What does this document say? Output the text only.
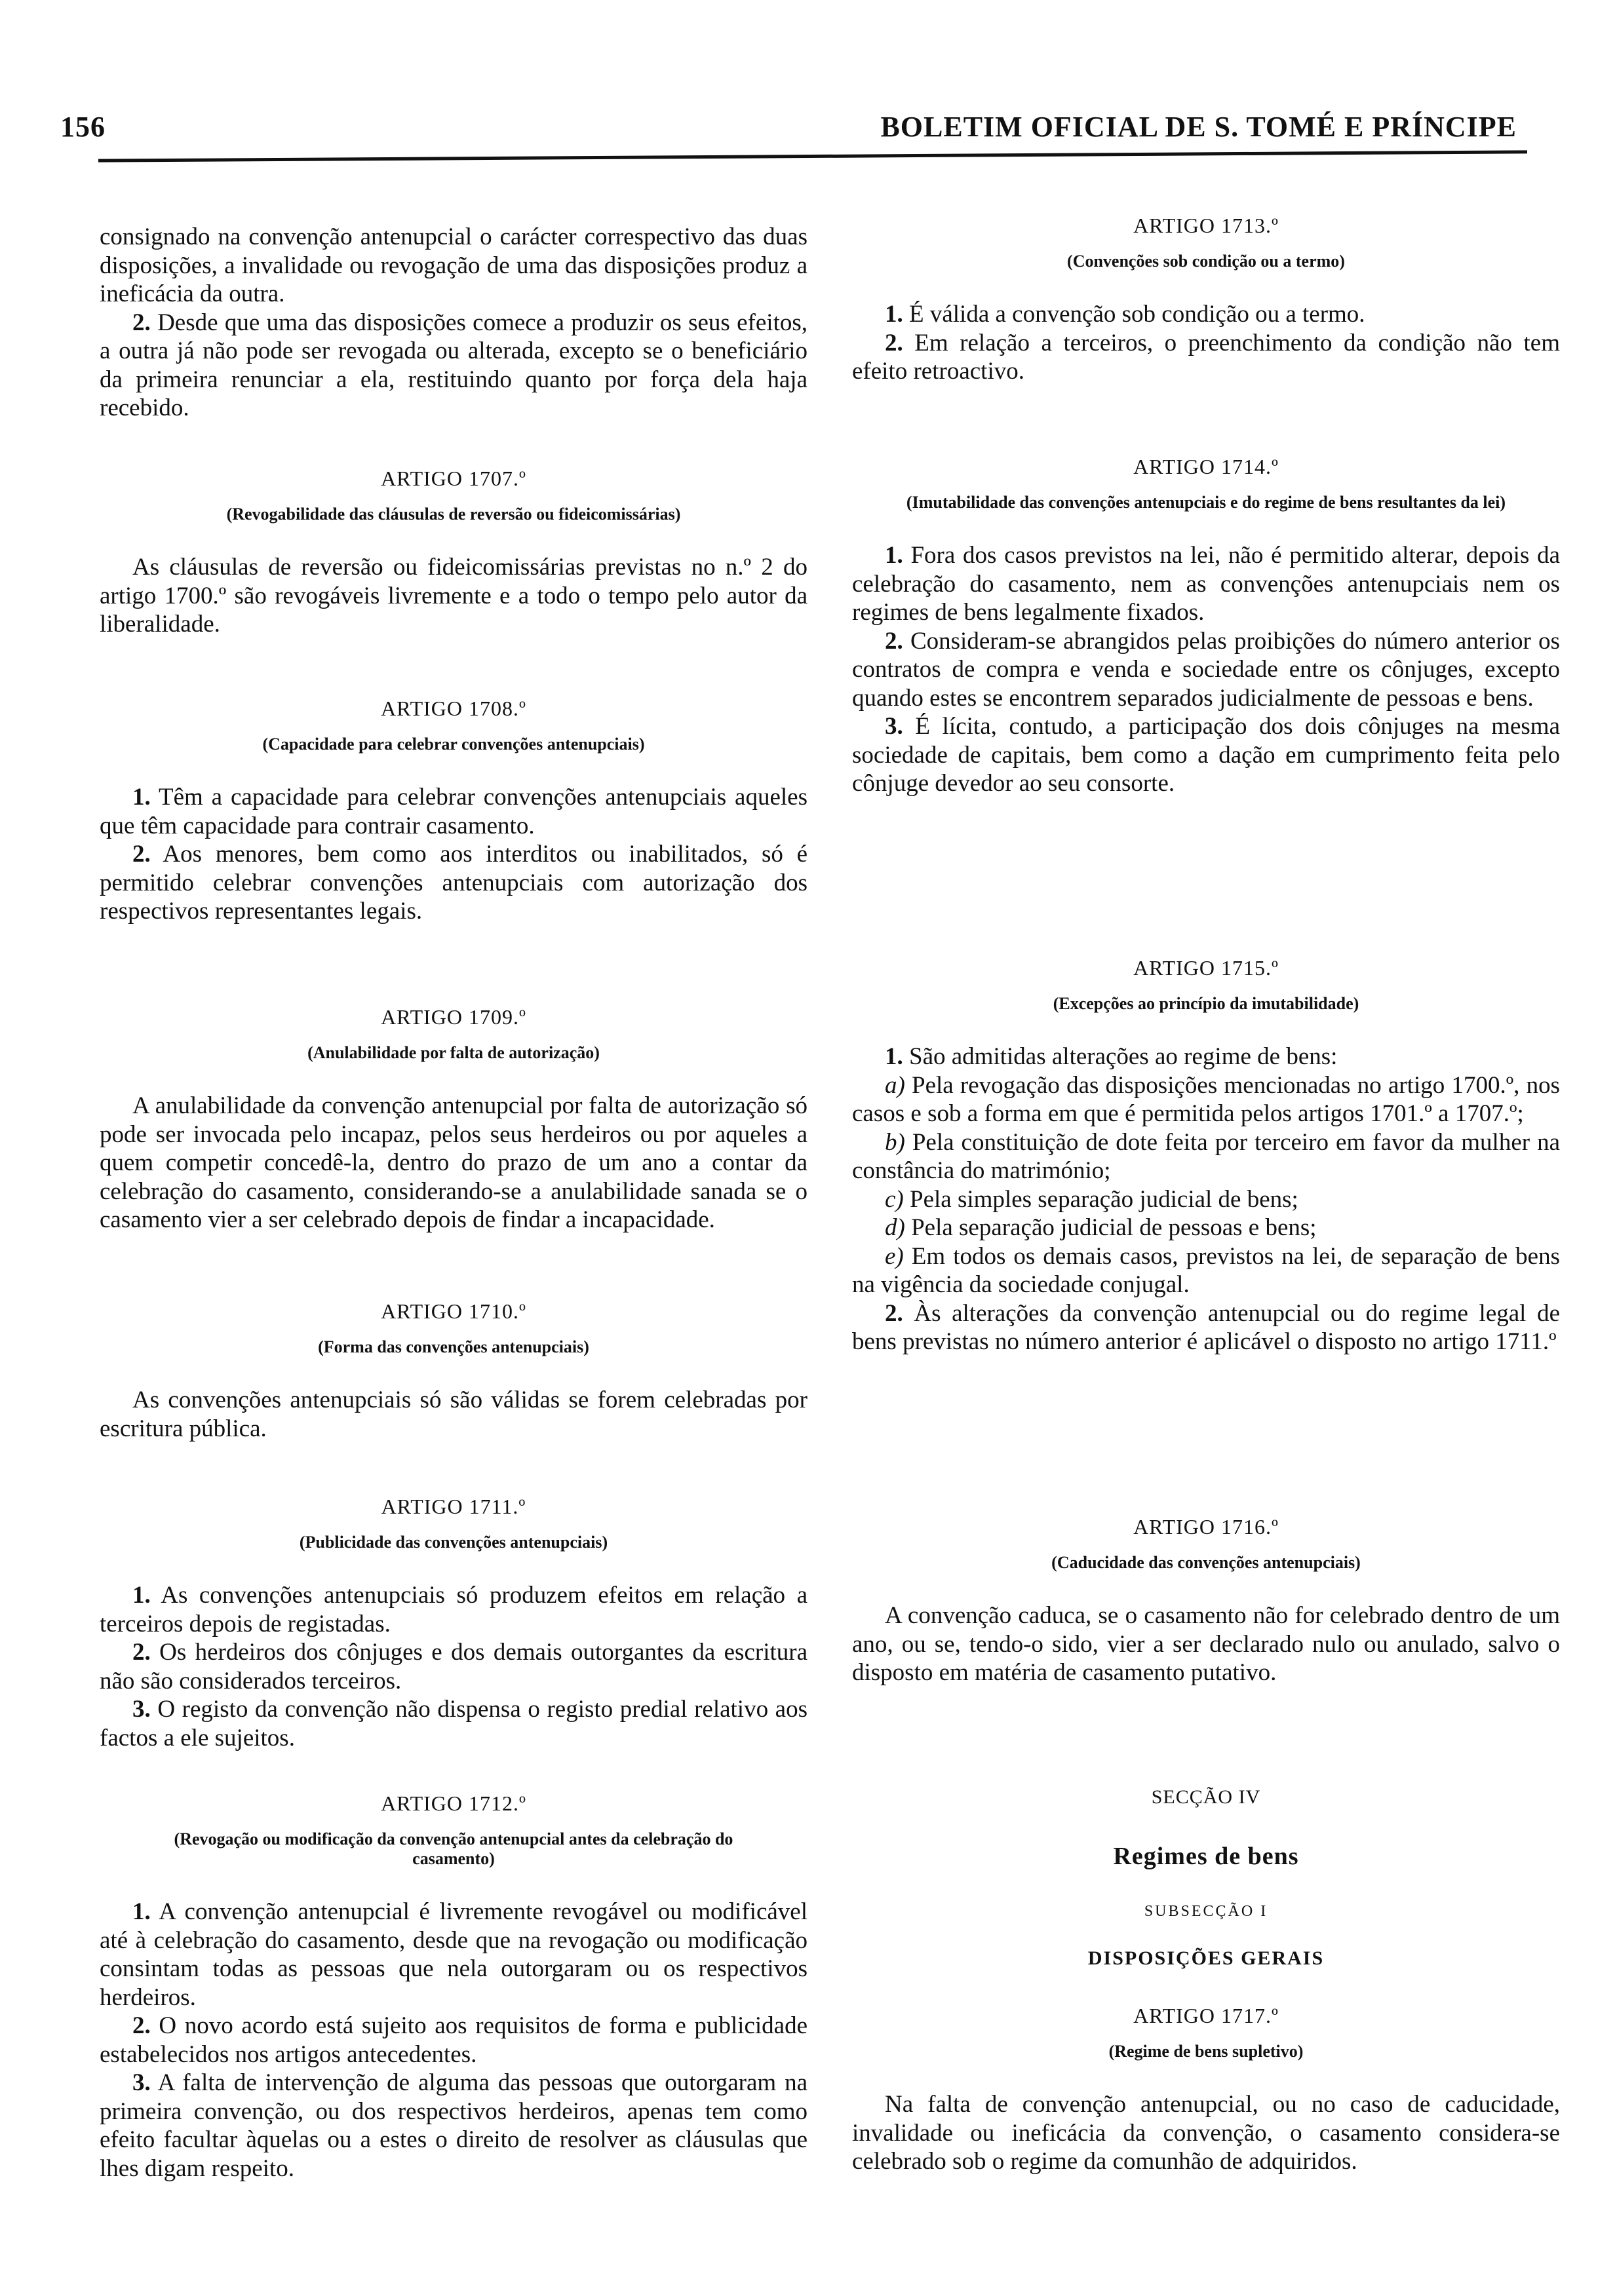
156	BOLETIM OFICIAL DE S. TOMÉ E PRÍNCIPE

consignado na convenção antenupcial o carácter correspectivo das duas disposições, a invalidade ou revogação de uma das disposições produz a ineficácia da outra.

2. Desde que uma das disposições comece a produzir os seus efeitos, a outra já não pode ser revogada ou alterada, excepto se o beneficiário da primeira renunciar a ela, restituindo quanto por força dela haja recebido.

ARTIGO 1707.º
(Revogabilidade das cláusulas de reversão ou fideicomissárias)

As cláusulas de reversão ou fideicomissárias previstas no n.º 2 do artigo 1700.º são revogáveis livremente e a todo o tempo pelo autor da liberalidade.

ARTIGO 1708.º
(Capacidade para celebrar convenções antenupciais)

1. Têm a capacidade para celebrar convenções antenupciais aqueles que têm capacidade para contrair casamento.

2. Aos menores, bem como aos interditos ou inabilitados, só é permitido celebrar convenções antenupciais com autorização dos respectivos representantes legais.

ARTIGO 1709.º
(Anulabilidade por falta de autorização)

A anulabilidade da convenção antenupcial por falta de autorização só pode ser invocada pelo incapaz, pelos seus herdeiros ou por aqueles a quem competir concedê-la, dentro do prazo de um ano a contar da celebração do casamento, considerando-se a anulabilidade sanada se o casamento vier a ser celebrado depois de findar a incapacidade.

ARTIGO 1710.º
(Forma das convenções antenupciais)

As convenções antenupciais só são válidas se forem celebradas por escritura pública.

ARTIGO 1711.º
(Publicidade das convenções antenupciais)

1. As convenções antenupciais só produzem efeitos em relação a terceiros depois de registadas.

2. Os herdeiros dos cônjuges e dos demais outorgantes da escritura não são considerados terceiros.

3. O registo da convenção não dispensa o registo predial relativo aos factos a ele sujeitos.

ARTIGO 1712.º
(Revogação ou modificação da convenção antenupcial antes da celebração do casamento)

1. A convenção antenupcial é livremente revogável ou modificável até à celebração do casamento, desde que na revogação ou modificação consintam todas as pessoas que nela outorgaram ou os respectivos herdeiros.

2. O novo acordo está sujeito aos requisitos de forma e publicidade estabelecidos nos artigos antecedentes.

3. A falta de intervenção de alguma das pessoas que outorgaram na primeira convenção, ou dos respectivos herdeiros, apenas tem como efeito facultar àquelas ou a estes o direito de resolver as cláusulas que lhes digam respeito.

ARTIGO 1713.º
(Convenções sob condição ou a termo)

1. É válida a convenção sob condição ou a termo.

2. Em relação a terceiros, o preenchimento da condição não tem efeito retroactivo.

ARTIGO 1714.º
(Imutabilidade das convenções antenupciais e do regime de bens resultantes da lei)

1. Fora dos casos previstos na lei, não é permitido alterar, depois da celebração do casamento, nem as convenções antenupciais nem os regimes de bens legalmente fixados.

2. Consideram-se abrangidos pelas proibições do número anterior os contratos de compra e venda e sociedade entre os cônjuges, excepto quando estes se encontrem separados judicialmente de pessoas e bens.

3. É lícita, contudo, a participação dos dois cônjuges na mesma sociedade de capitais, bem como a dação em cumprimento feita pelo cônjuge devedor ao seu consorte.

ARTIGO 1715.º
(Excepções ao princípio da imutabilidade)

1. São admitidas alterações ao regime de bens:

a) Pela revogação das disposições mencionadas no artigo 1700.º, nos casos e sob a forma em que é permitida pelos artigos 1701.º a 1707.º;

b) Pela constituição de dote feita por terceiro em favor da mulher na constância do matrimónio;

c) Pela simples separação judicial de bens;

d) Pela separação judicial de pessoas e bens;

e) Em todos os demais casos, previstos na lei, de separação de bens na vigência da sociedade conjugal.

2. Às alterações da convenção antenupcial ou do regime legal de bens previstas no número anterior é aplicável o disposto no artigo 1711.º

ARTIGO 1716.º
(Caducidade das convenções antenupciais)

A convenção caduca, se o casamento não for celebrado dentro de um ano, ou se, tendo-o sido, vier a ser declarado nulo ou anulado, salvo o disposto em matéria de casamento putativo.

ARTIGO 1717.º
(Regime de bens supletivo)

Na falta de convenção antenupcial, ou no caso de caducidade, invalidade ou ineficácia da convenção, o casamento considera-se celebrado sob o regime da comunhão de adquiridos.

SECÇÃO IV
Regimes de bens
SUBSECÇÃO I
DISPOSIÇÕES GERAIS
